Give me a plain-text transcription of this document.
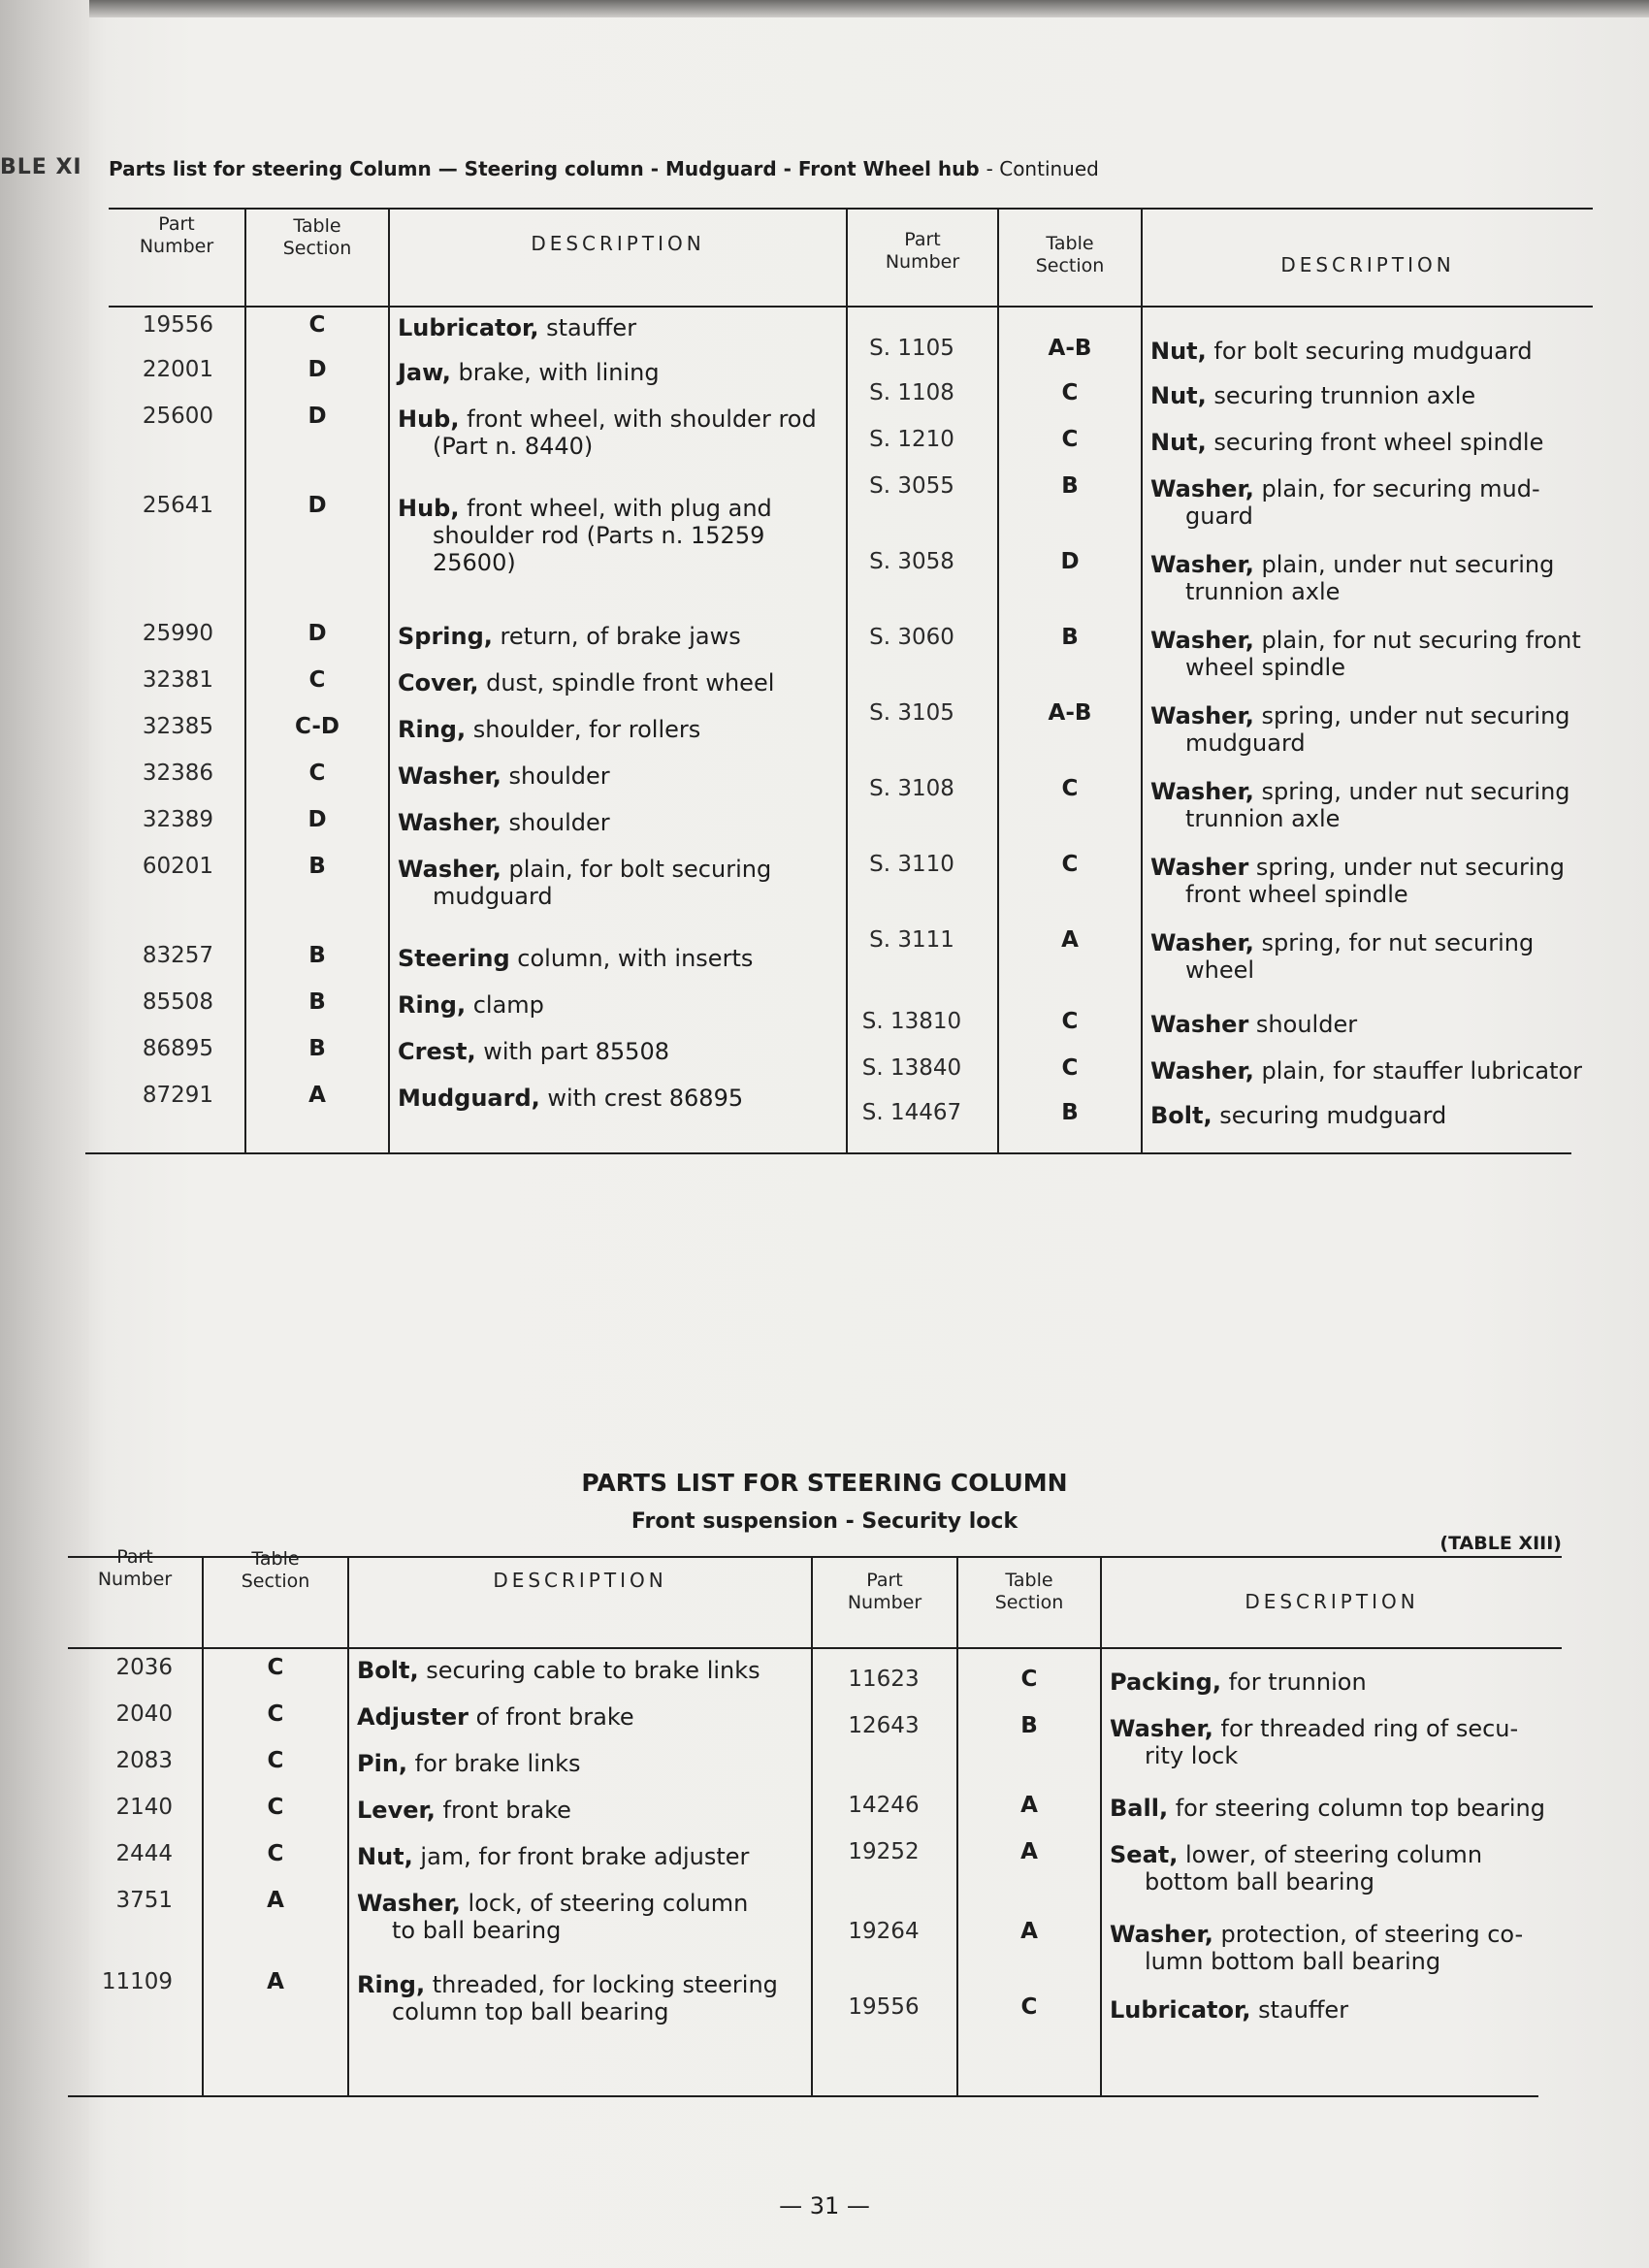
BLE XI Parts list for steering Column — Steering column - Mudguard - Front Wheel hub - Continued
Part
Number
Table
Section	DESCRIPTION	Part
Number
Table
Section	DESCRIPTION
19556	C	Lubricator, stauffer
22001	D	Jaw, brake, with lining
25600	D	Hub, front wheel, with shoulder rod
(Part n. 8440)
25641	D	Hub, front wheel, with plug and
shoulder rod (Parts n. 15259 25600)
25990	D	Spring, return, of brake jaws
32381	C	Cover, dust, spindle front wheel
32385	C-D	Ring, shoulder, for rollers
32386	C	Washer, shoulder
32389	D	Washer, shoulder
60201	B	Washer, plain, for bolt securing
mudguard
83257	B	Steering column, with inserts
85508	B	Ring, clamp
86895	B	Crest, with part 85508
87291	A	Mudguard, with crest 86895
S. 1105	A-B	Nut, for bolt securing mudguard
S. 1108	C	Nut, securing trunnion axle
S. 1210	C	Nut, securing front wheel spindle
S. 3055	B	Washer, plain, for securing mud-
guard
S. 3058	D	Washer, plain, under nut securing
trunnion axle
S. 3060	B	Washer, plain, for nut securing front
wheel spindle
S. 3105	A-B	Washer, spring, under nut securing
mudguard
S. 3108	C	Washer, spring, under nut securing
trunnion axle
S. 3110	C	Washer spring, under nut securing
front wheel spindle
S. 3111	A	Washer, spring, for nut securing
wheel
S. 13810	C	Washer shoulder
S. 13840	C	Washer, plain, for stauffer lubricator
S. 14467	B	Bolt, securing mudguard
PARTS LIST FOR STEERING COLUMN
Front suspension - Security lock
(TABLE XIII)
Part
Number
Table
Section	DESCRIPTION	Part
Number
Table
Section	DESCRIPTION
2036	C	Bolt, securing cable to brake links
2040	C	Adjuster of front brake
2083	C	Pin, for brake links
2140	C	Lever, front brake
2444	C	Nut, jam, for front brake adjuster
3751	A	Washer, lock, of steering column
to ball bearing
11109	A	Ring, threaded, for locking steering
column top ball bearing
11623	C	Packing, for trunnion
12643	B	Washer, for threaded ring of secu-
rity lock
14246	A	Ball, for steering column top bearing
19252	A	Seat, lower, of steering column
bottom ball bearing
19264	A	Washer, protection, of steering co-
lumn bottom ball bearing
19556	C	Lubricator, stauffer
— 31 —
